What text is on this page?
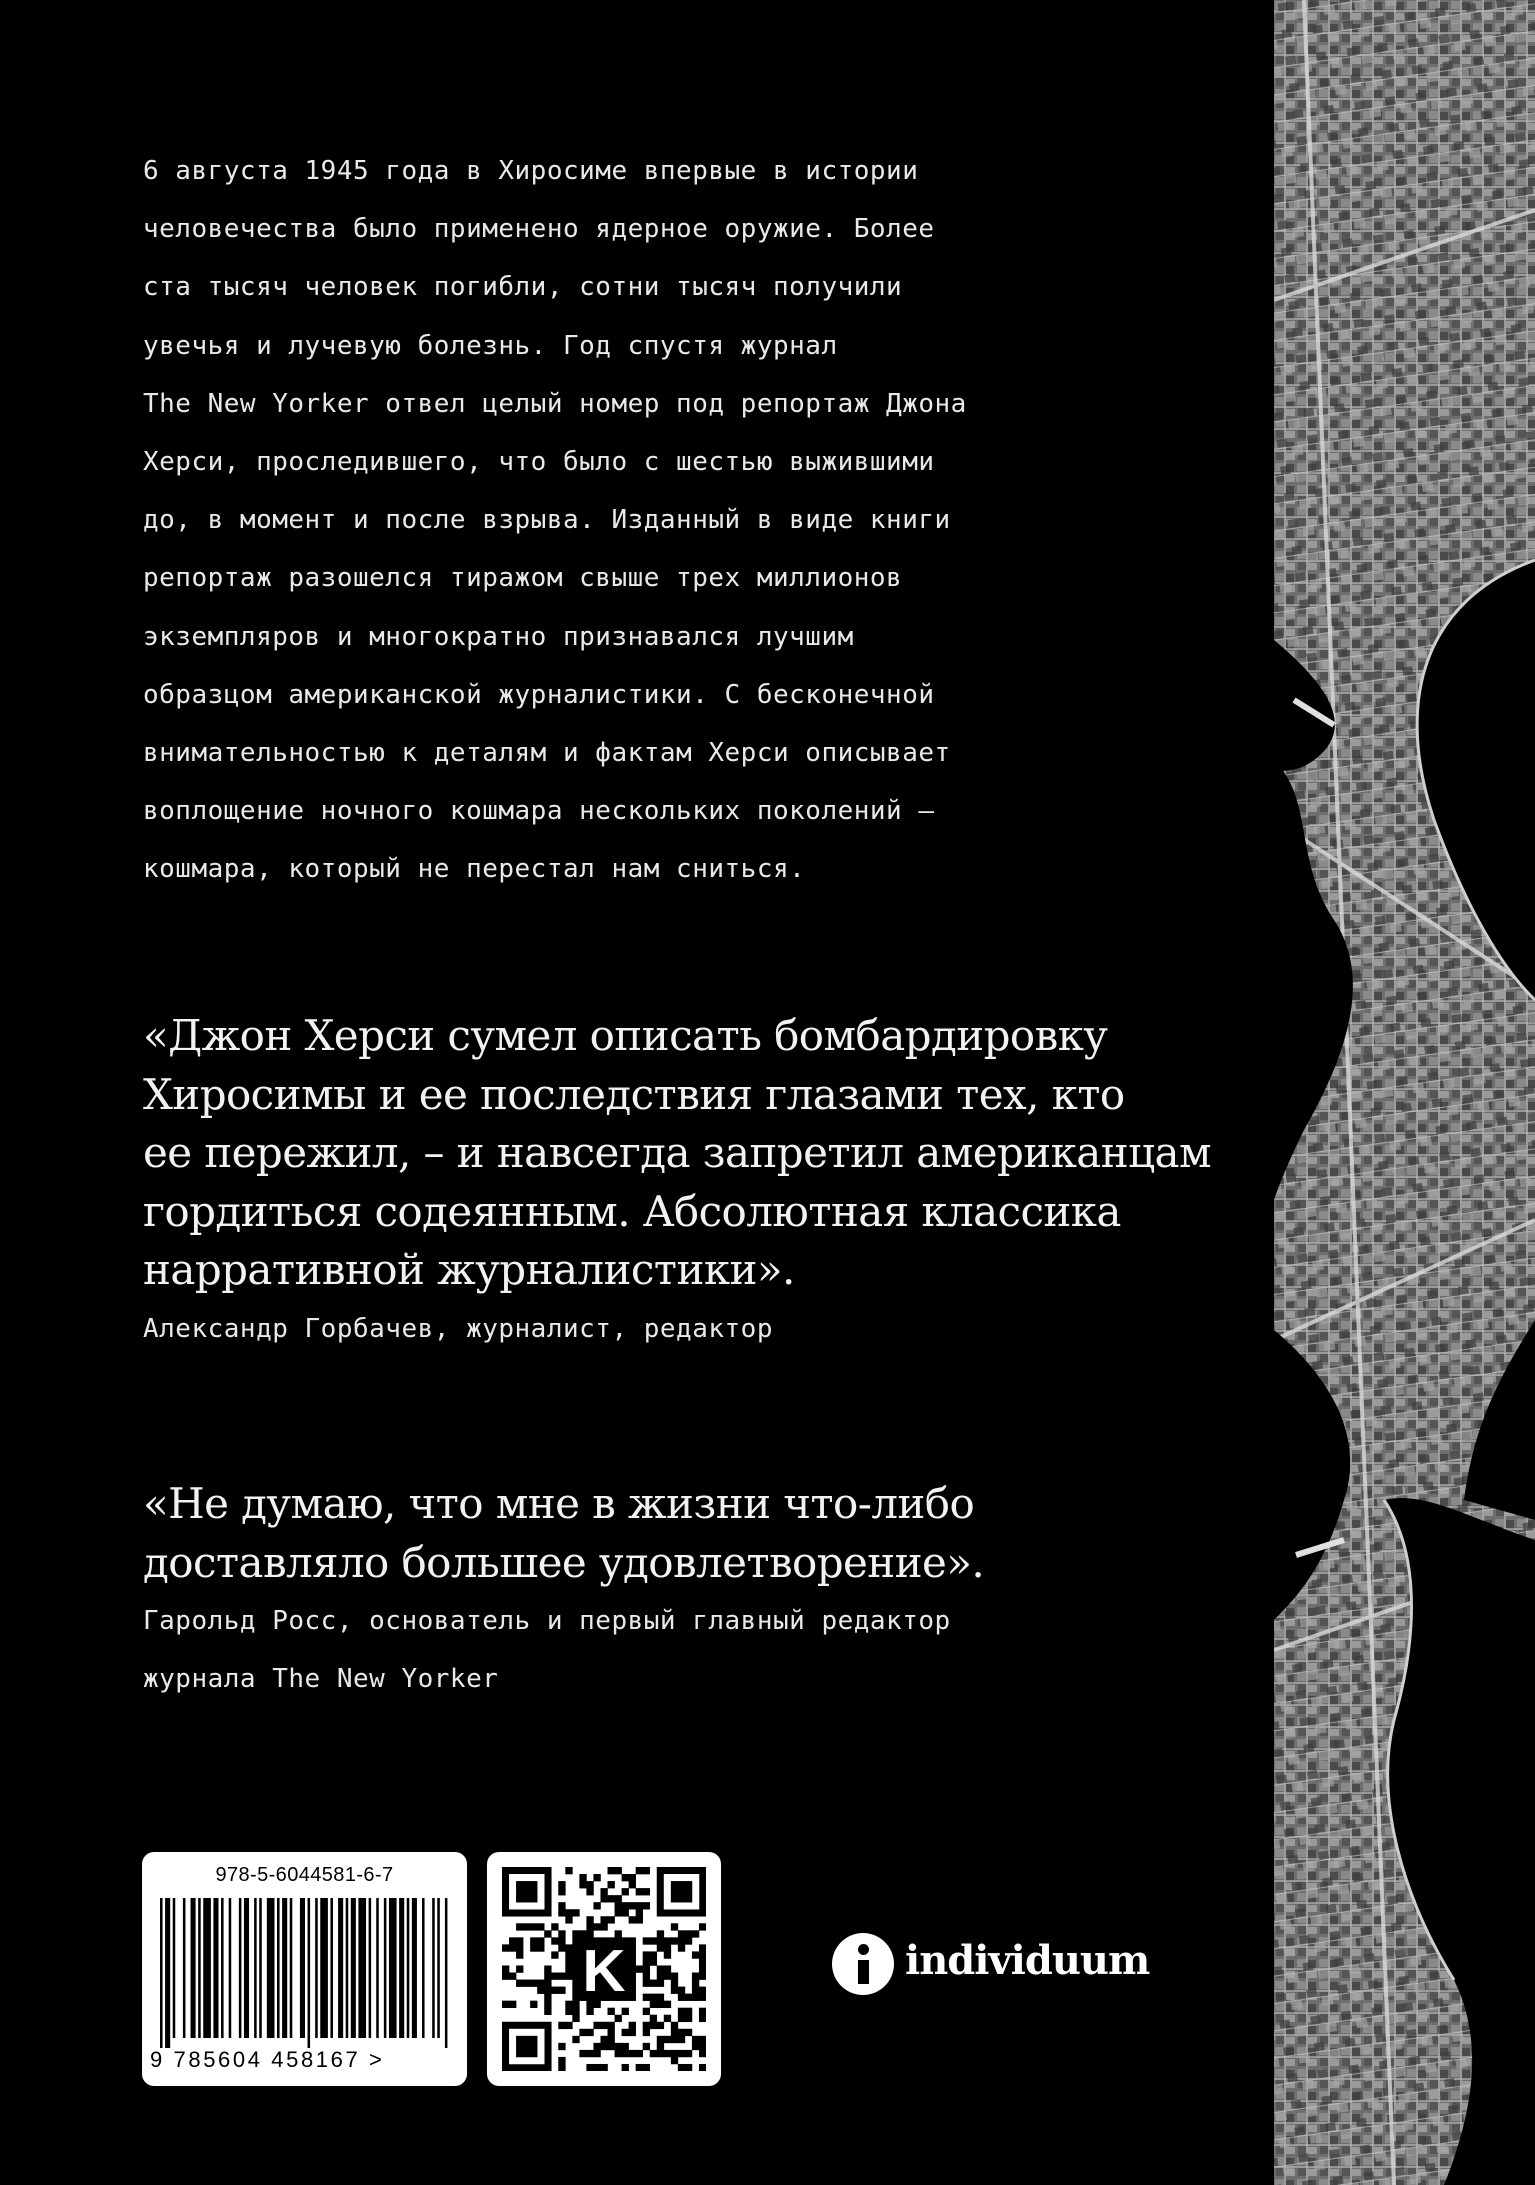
6 августа 1945 года в Хиросиме впервые в истории
человечества было применено ядерное оружие. Более
ста тысяч человек погибли, сотни тысяч получили
увечья и лучевую болезнь. Год спустя журнал
The New Yorker отвел целый номер под репортаж Джона
Херси, проследившего, что было с шестью выжившими
до, в момент и после взрыва. Изданный в виде книги
репортаж разошелся тиражом свыше трех миллионов
экземпляров и многократно признавался лучшим
образцом американской журналистики. С бесконечной
внимательностью к деталям и фактам Херси описывает
воплощение ночного кошмара нескольких поколений —
кошмара, который не перестал нам сниться.
«Джон Херси сумел описать бомбардировку
Хиросимы и ее последствия глазами тех, кто
ее пережил, – и навсегда запретил американцам
гордиться содеянным. Абсолютная классика
нарративной журналистики».
Александр Горбачев, журналист, редактор
«Не думаю, что мне в жизни что-либо
доставляло большее удовлетворение».
Гарольд Росс, основатель и первый главный редактор
журнала The New Yorker
978-5-6044581-6-7
9 785604 458167 >
K	individuum
